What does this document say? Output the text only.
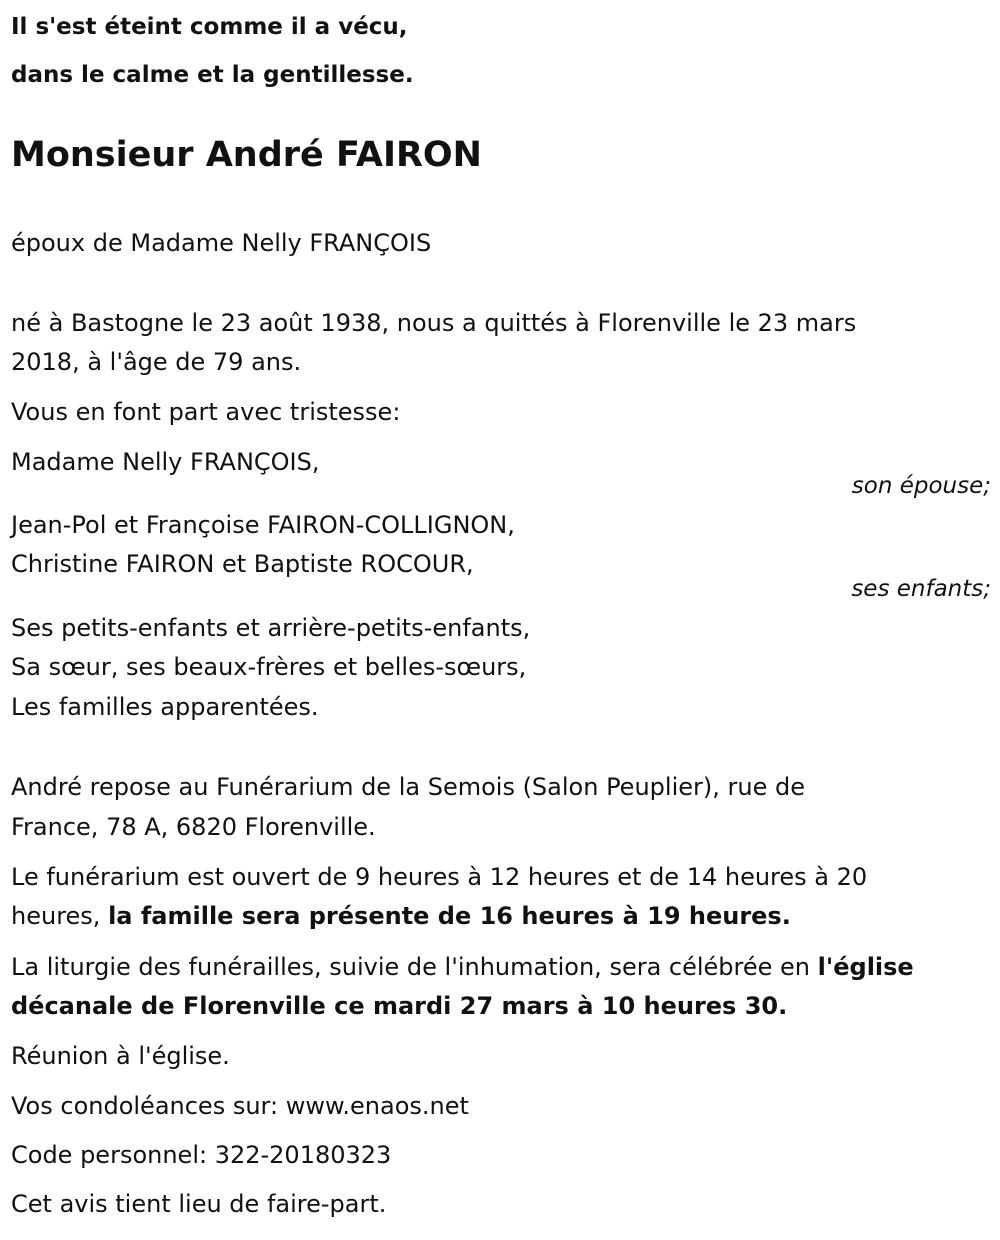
Il s'est éteint comme il a vécu,
dans le calme et la gentillesse.
Monsieur André FAIRON
époux de Madame Nelly FRANÇOIS
né à Bastogne le 23 août 1938, nous a quittés à Florenville le 23 mars
2018, à l'âge de 79 ans.
Vous en font part avec tristesse:
Madame Nelly FRANÇOIS,
son épouse;
Jean-Pol et Françoise FAIRON-COLLIGNON,
Christine FAIRON et Baptiste ROCOUR,
ses enfants;
Ses petits-enfants et arrière-petits-enfants,
Sa sœur, ses beaux-frères et belles-sœurs,
Les familles apparentées.
André repose au Funérarium de la Semois (Salon Peuplier), rue de
France, 78 A, 6820 Florenville.
Le funérarium est ouvert de 9 heures à 12 heures et de 14 heures à 20
heures, la famille sera présente de 16 heures à 19 heures.
La liturgie des funérailles, suivie de l'inhumation, sera célébrée en l'église
décanale de Florenville ce mardi 27 mars à 10 heures 30.
Réunion à l'église.
Vos condoléances sur: www.enaos.net
Code personnel: 322-20180323
Cet avis tient lieu de faire-part.
